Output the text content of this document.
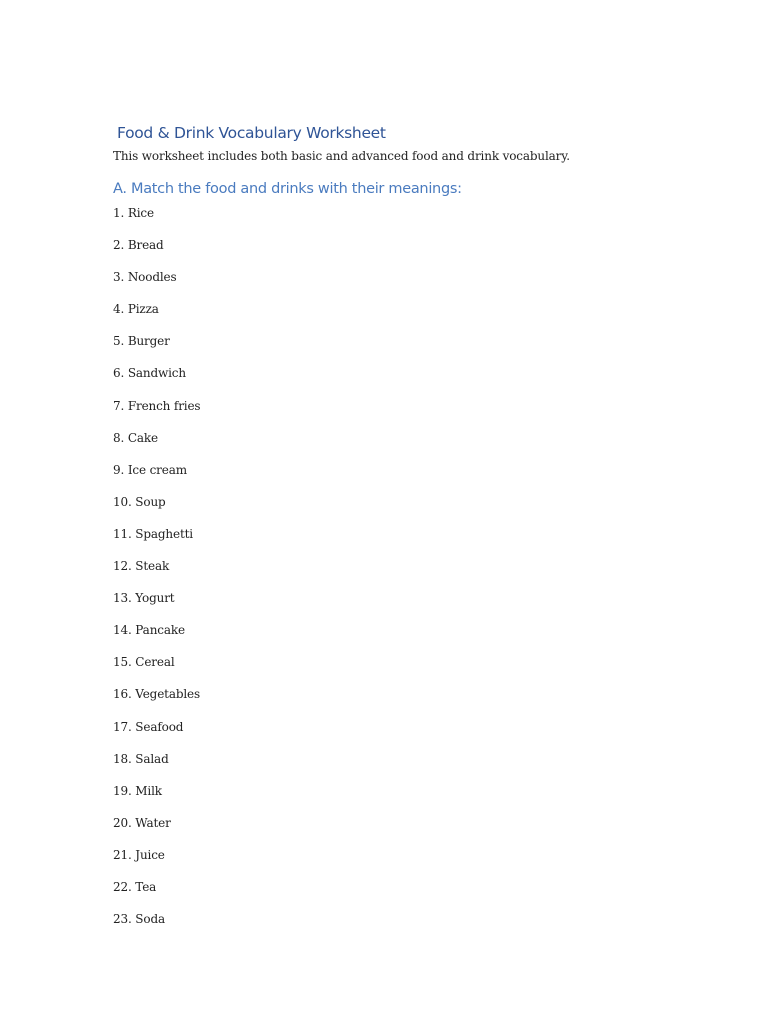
Food & Drink Vocabulary Worksheet

This worksheet includes both basic and advanced food and drink vocabulary.

A. Match the food and drinks with their meanings:
1. Rice
2. Bread
3. Noodles
4. Pizza
5. Burger
6. Sandwich
7. French fries
8. Cake
9. Ice cream
10. Soup
11. Spaghetti
12. Steak
13. Yogurt
14. Pancake
15. Cereal
16. Vegetables
17. Seafood
18. Salad
19. Milk
20. Water
21. Juice
22. Tea
23. Soda
